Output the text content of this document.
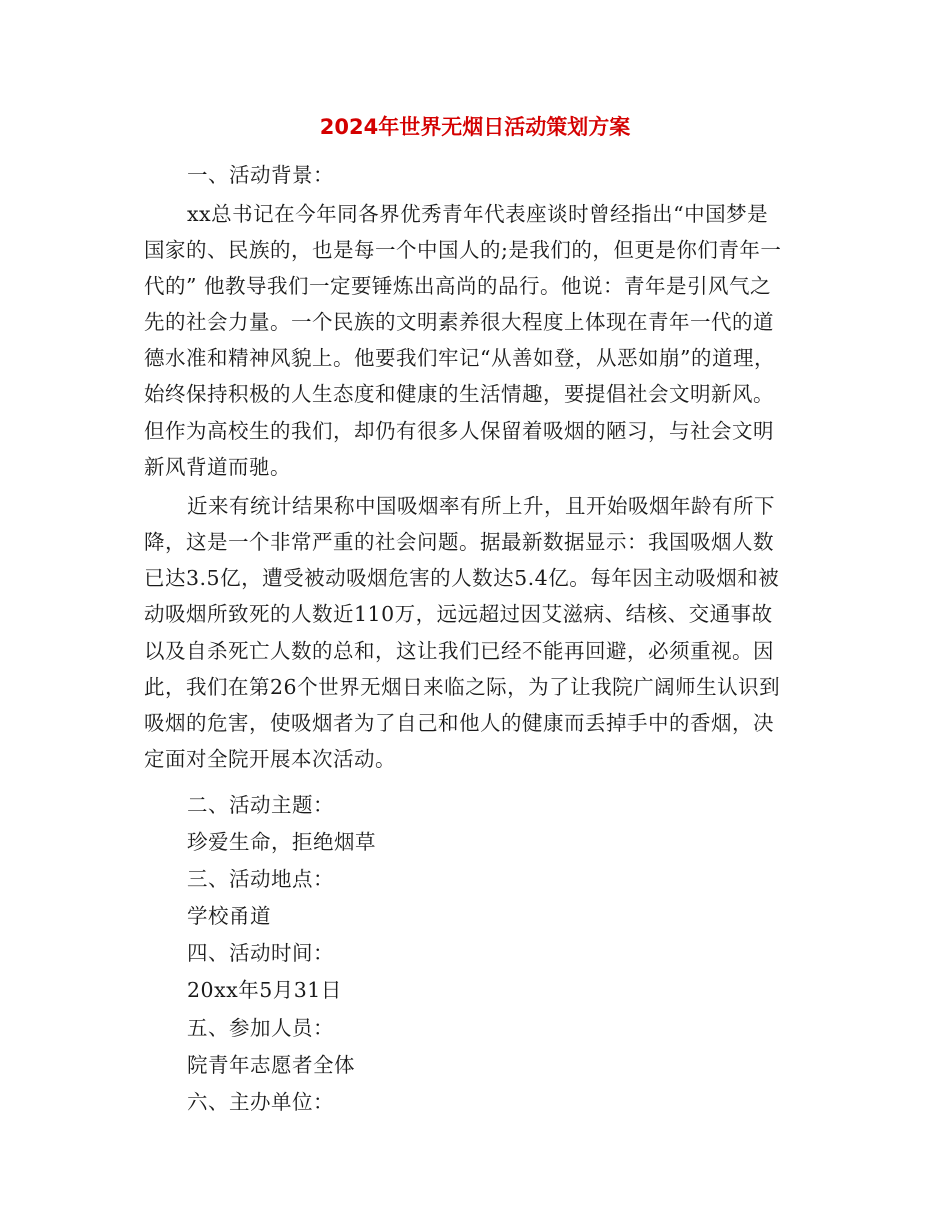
2024年世界无烟日活动策划方案
一、活动背景：
xx总书记在今年同各界优秀青年代表座谈时曾经指出“中国梦是
国家的、民族的，也是每一个中国人的;是我们的，但更是你们青年一
代的” 他教导我们一定要锤炼出高尚的品行。他说：青年是引风气之
先的社会力量。一个民族的文明素养很大程度上体现在青年一代的道
德水准和精神风貌上。他要我们牢记“从善如登，从恶如崩”的道理，
始终保持积极的人生态度和健康的生活情趣，要提倡社会文明新风。
但作为高校生的我们，却仍有很多人保留着吸烟的陋习，与社会文明
新风背道而驰。
近来有统计结果称中国吸烟率有所上升，且开始吸烟年龄有所下
降，这是一个非常严重的社会问题。据最新数据显示：我国吸烟人数
已达3.5亿，遭受被动吸烟危害的人数达5.4亿。每年因主动吸烟和被
动吸烟所致死的人数近110万，远远超过因艾滋病、结核、交通事故
以及自杀死亡人数的总和，这让我们已经不能再回避，必须重视。因
此，我们在第26个世界无烟日来临之际，为了让我院广阔师生认识到
吸烟的危害，使吸烟者为了自己和他人的健康而丢掉手中的香烟，决
定面对全院开展本次活动。
二、活动主题：
珍爱生命，拒绝烟草
三、活动地点：
学校甬道
四、活动时间：
20xx年5月31日
五、参加人员：
院青年志愿者全体
六、主办单位：
